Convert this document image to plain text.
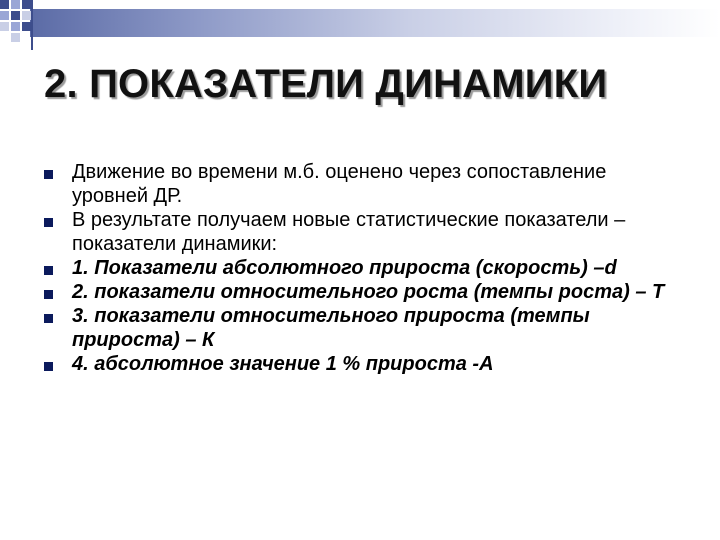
2. ПОКАЗАТЕЛИ ДИНАМИКИ
Движение во времени м.б. оценено через сопоставление уровней ДР.
В результате получаем новые статистические показатели – показатели динамики:
1. Показатели абсолютного прироста (скорость) –d
2. показатели относительного роста (темпы роста) – Т
3. показатели относительного прироста (темпы прироста) – К
4. абсолютное значение 1 % прироста -А
